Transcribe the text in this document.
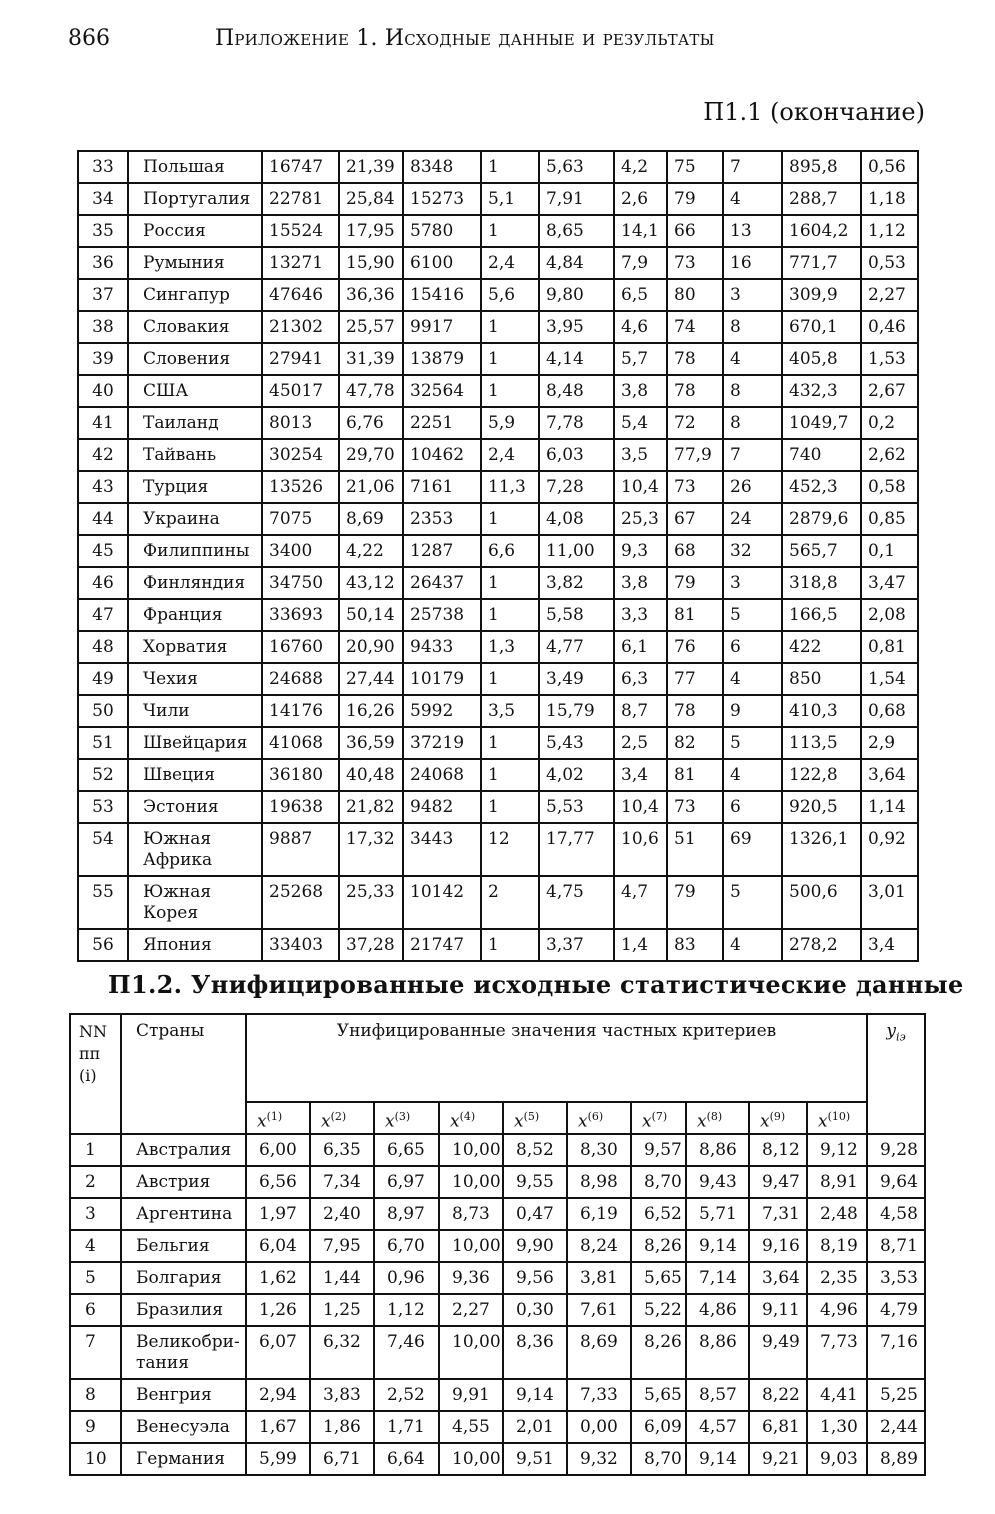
866	Приложение 1. Исходные данные и результаты
П1.1 (окончание)
33	Польшая	16747	21,39	8348	1	5,63	4,2	75	7	895,8	0,56
34	Португалия	22781	25,84	15273	5,1	7,91	2,6	79	4	288,7	1,18
35	Россия	15524	17,95	5780	1	8,65	14,1	66	13	1604,2	1,12
36	Румыния	13271	15,90	6100	2,4	4,84	7,9	73	16	771,7	0,53
37	Сингапур	47646	36,36	15416	5,6	9,80	6,5	80	3	309,9	2,27
38	Словакия	21302	25,57	9917	1	3,95	4,6	74	8	670,1	0,46
39	Словения	27941	31,39	13879	1	4,14	5,7	78	4	405,8	1,53
40	США	45017	47,78	32564	1	8,48	3,8	78	8	432,3	2,67
41	Таиланд	8013	6,76	2251	5,9	7,78	5,4	72	8	1049,7	0,2
42	Тайвань	30254	29,70	10462	2,4	6,03	3,5	77,9	7	740	2,62
43	Турция	13526	21,06	7161	11,3	7,28	10,4	73	26	452,3	0,58
44	Украина	7075	8,69	2353	1	4,08	25,3	67	24	2879,6	0,85
45	Филиппины	3400	4,22	1287	6,6	11,00	9,3	68	32	565,7	0,1
46	Финляндия	34750	43,12	26437	1	3,82	3,8	79	3	318,8	3,47
47	Франция	33693	50,14	25738	1	5,58	3,3	81	5	166,5	2,08
48	Хорватия	16760	20,90	9433	1,3	4,77	6,1	76	6	422	0,81
49	Чехия	24688	27,44	10179	1	3,49	6,3	77	4	850	1,54
50	Чили	14176	16,26	5992	3,5	15,79	8,7	78	9	410,3	0,68
51	Швейцария	41068	36,59	37219	1	5,43	2,5	82	5	113,5	2,9
52	Швеция	36180	40,48	24068	1	4,02	3,4	81	4	122,8	3,64
53	Эстония	19638	21,82	9482	1	5,53	10,4	73	6	920,5	1,14
54	Южная Африка	9887	17,32	3443	12	17,77	10,6	51	69	1326,1	0,92
55	Южная Корея	25268	25,33	10142	2	4,75	4,7	79	5	500,6	3,01
56	Япония	33403	37,28	21747	1	3,37	1,4	83	4	278,2	3,4
П1.2. Унифицированные исходные статистические данные
NN пп (i)	Страны	Унифицированные значения частных критериев										$y_{iэ}$
		$x^{(1)}$	$x^{(2)}$	$x^{(3)}$	$x^{(4)}$	$x^{(5)}$	$x^{(6)}$	$x^{(7)}$	$x^{(8)}$	$x^{(9)}$	$x^{(10)}$
1	Австралия	6,00	6,35	6,65	10,00	8,52	8,30	9,57	8,86	8,12	9,12	9,28
2	Австрия	6,56	7,34	6,97	10,00	9,55	8,98	8,70	9,43	9,47	8,91	9,64
3	Аргентина	1,97	2,40	8,97	8,73	0,47	6,19	6,52	5,71	7,31	2,48	4,58
4	Бельгия	6,04	7,95	6,70	10,00	9,90	8,24	8,26	9,14	9,16	8,19	8,71
5	Болгария	1,62	1,44	0,96	9,36	9,56	3,81	5,65	7,14	3,64	2,35	3,53
6	Бразилия	1,26	1,25	1,12	2,27	0,30	7,61	5,22	4,86	9,11	4,96	4,79
7	Великобри-тания	6,07	6,32	7,46	10,00	8,36	8,69	8,26	8,86	9,49	7,73	7,16
8	Венгрия	2,94	3,83	2,52	9,91	9,14	7,33	5,65	8,57	8,22	4,41	5,25
9	Венесуэла	1,67	1,86	1,71	4,55	2,01	0,00	6,09	4,57	6,81	1,30	2,44
10	Германия	5,99	6,71	6,64	10,00	9,51	9,32	8,70	9,14	9,21	9,03	8,89
